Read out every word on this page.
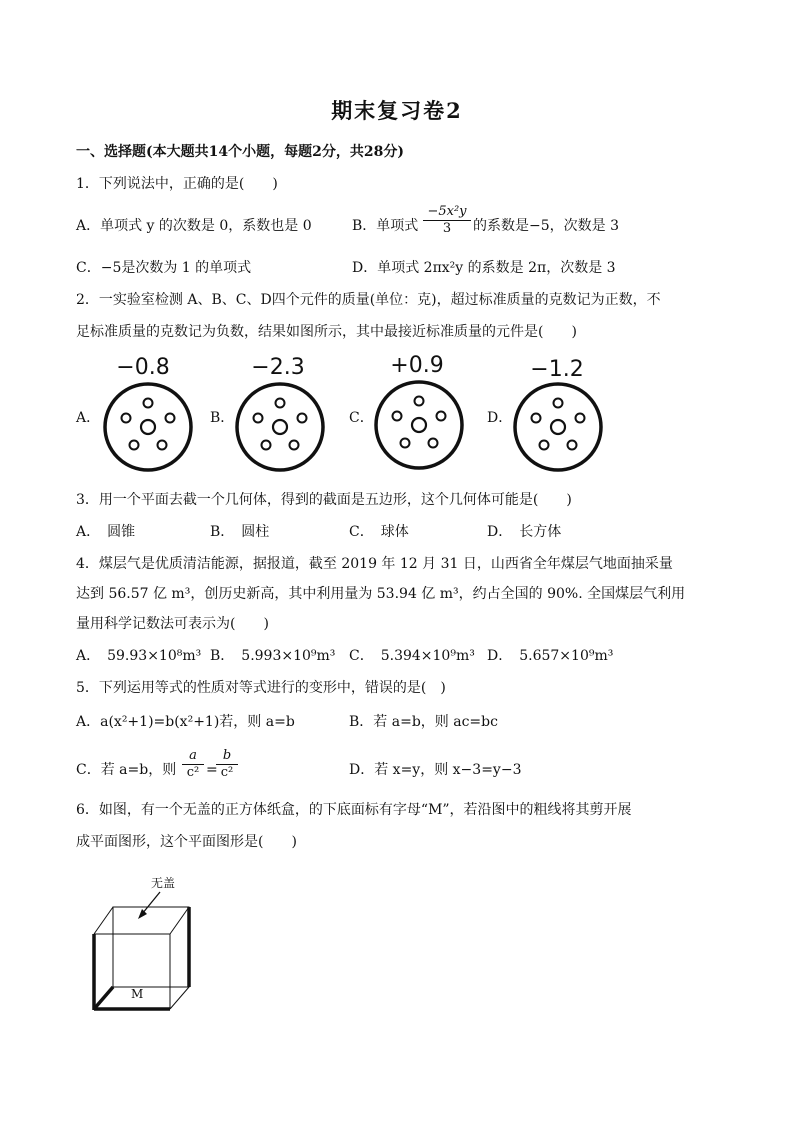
期末复习卷2
一、选择题(本大题共14个小题，每题2分，共28分)
1．下列说法中，正确的是(　　)
A．单项式 y 的次数是 0，系数也是 0	B．单项式 $\frac{\text{−5x²y}}{3}$ 的系数是−5，次数是 3
C．−5是次数为 1 的单项式	D．单项式 2πx²y 的系数是 2π，次数是 3
2．一实验室检测 A、B、C、D四个元件的质量(单位：克)，超过标准质量的克数记为正数，不
足标准质量的克数记为负数，结果如图所示，其中最接近标准质量的元件是(　　)
−0.8	−2.3	+0.9	−1.2
A．	B．	C．	D．
3．用一个平面去截一个几何体，得到的截面是五边形，这个几何体可能是(　　)
A．　圆锥	B．　圆柱	C．　球体	D．　长方体
4．煤层气是优质清洁能源，据报道，截至 2019 年 12 月 31 日，山西省全年煤层气地面抽采量
达到 56.57 亿 m³，创历史新高，其中利用量为 53.94 亿 m³，约占全国的 90%. 全国煤层气利用
量用科学记数法可表示为(　　)
A．　59.93×10⁸m³ B．　5.993×10⁹m³ C．　5.394×10⁹m³ D．　5.657×10⁹m³
5．下列运用等式的性质对等式进行的变形中，错误的是(　)
A．a(x²+1)=b(x²+1)若，则 a=b	B．若 a=b，则 ac=bc
C．若 a=b，则 $\frac{a}{\text{c²}}$ =
$\frac{b}{\text{c²}}$	D．若 x=y，则 x−3=y−3
6．如图，有一个无盖的正方体纸盒，的下底面标有字母“M”，若沿图中的粗线将其剪开展
成平面图形，这个平面图形是(　　)
无盖
M
